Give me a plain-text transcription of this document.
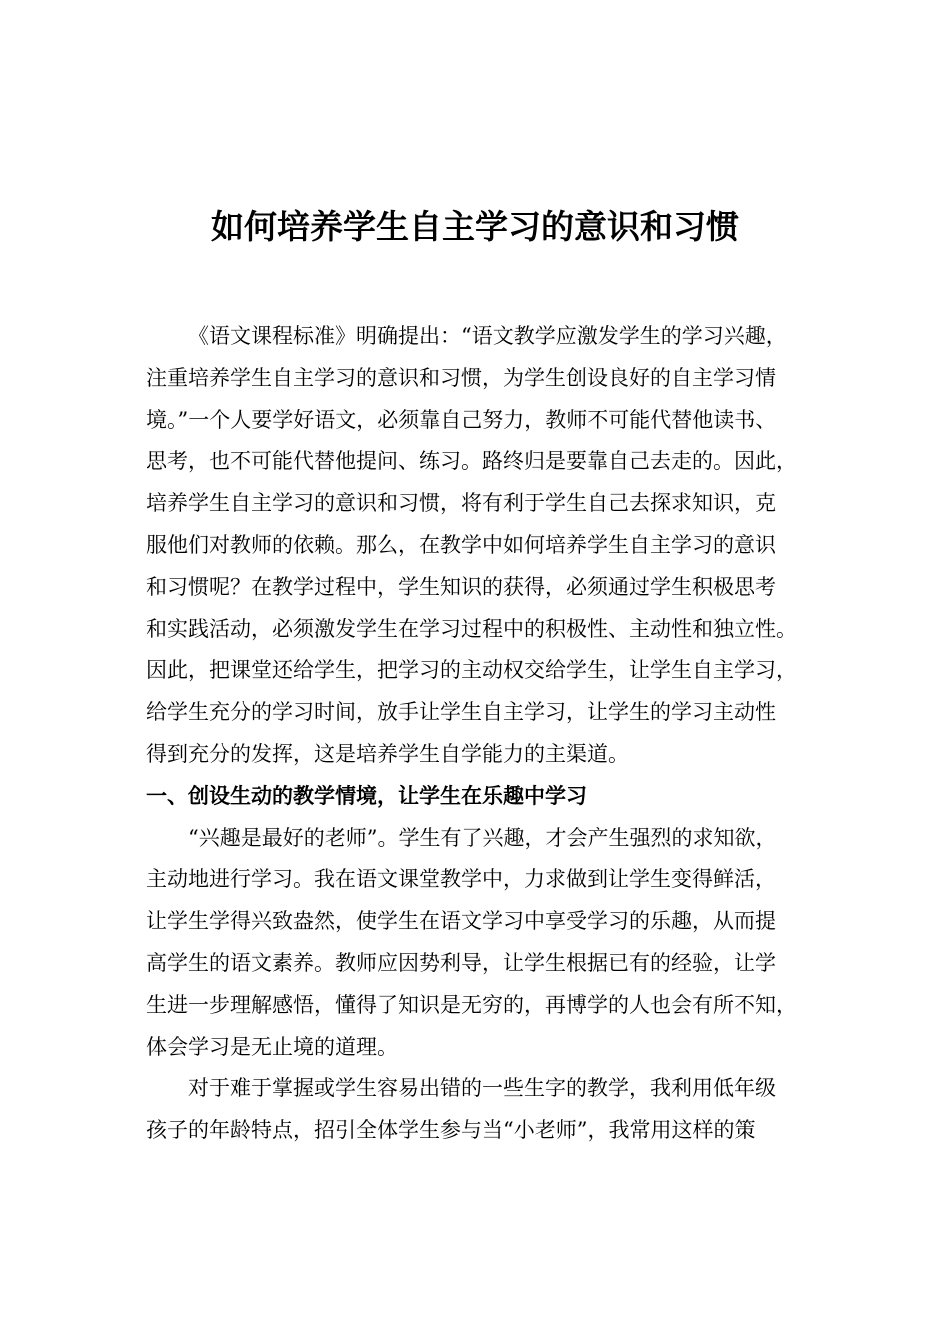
如何培养学生自主学习的意识和习惯
《语文课程标准》明确提出：“语文教学应激发学生的学习兴趣，
注重培养学生自主学习的意识和习惯，为学生创设良好的自主学习情
境。”一个人要学好语文，必须靠自己努力，教师不可能代替他读书、
思考，也不可能代替他提问、练习。路终归是要靠自己去走的。因此，
培养学生自主学习的意识和习惯，将有利于学生自己去探求知识，克
服他们对教师的依赖。那么，在教学中如何培养学生自主学习的意识
和习惯呢？在教学过程中，学生知识的获得，必须通过学生积极思考
和实践活动，必须激发学生在学习过程中的积极性、主动性和独立性。
因此，把课堂还给学生，把学习的主动权交给学生，让学生自主学习，
给学生充分的学习时间，放手让学生自主学习，让学生的学习主动性
得到充分的发挥，这是培养学生自学能力的主渠道。
一、创设生动的教学情境，让学生在乐趣中学习
“兴趣是最好的老师”。学生有了兴趣，才会产生强烈的求知欲，
主动地进行学习。我在语文课堂教学中，力求做到让学生变得鲜活，
让学生学得兴致盎然，使学生在语文学习中享受学习的乐趣，从而提
高学生的语文素养。教师应因势利导，让学生根据已有的经验，让学
生进一步理解感悟，懂得了知识是无穷的，再博学的人也会有所不知，
体会学习是无止境的道理。
对于难于掌握或学生容易出错的一些生字的教学，我利用低年级
孩子的年龄特点，招引全体学生参与当“小老师”，我常用这样的策
